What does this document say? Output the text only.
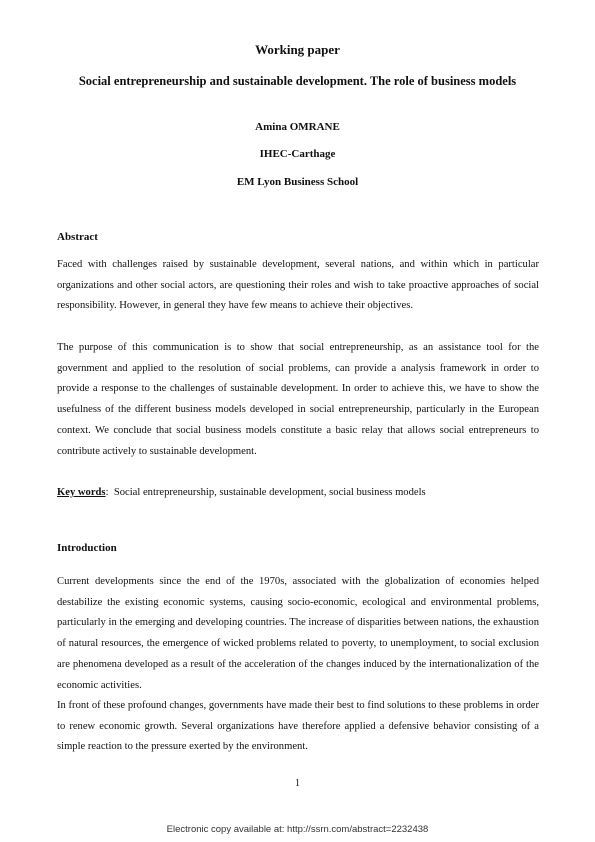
Working paper
Social entrepreneurship and sustainable development. The role of business models
Amina OMRANE
IHEC-Carthage
EM Lyon Business School
Abstract

Faced with challenges raised by sustainable development, several nations, and within which in particular organizations and other social actors, are questioning their roles and wish to take proactive approaches of social responsibility. However, in general they have few means to achieve their objectives.

The purpose of this communication is to show that social entrepreneurship, as an assistance tool for the government and applied to the resolution of social problems, can provide a analysis framework in order to provide a response to the challenges of sustainable development. In order to achieve this, we have to show the usefulness of the different business models developed in social entrepreneurship, particularly in the European context. We conclude that social business models constitute a basic relay that allows social entrepreneurs to contribute actively to sustainable development.

Key words:  Social entrepreneurship, sustainable development, social business models

Introduction

Current developments since the end of the 1970s, associated with the globalization of economies helped destabilize the existing economic systems, causing socio-economic, ecological and environmental problems, particularly in the emerging and developing countries. The increase of disparities between nations, the exhaustion of natural resources, the emergence of wicked problems related to poverty, to unemployment, to social exclusion are phenomena developed as a result of the acceleration of the changes induced by the internationalization of the economic activities.

In front of these profound changes, governments have made their best to find solutions to these problems in order to renew economic growth. Several organizations have therefore applied a defensive behavior consisting of a simple reaction to the pressure exerted by the environment.

1
Electronic copy available at: http://ssrn.com/abstract=2232438
